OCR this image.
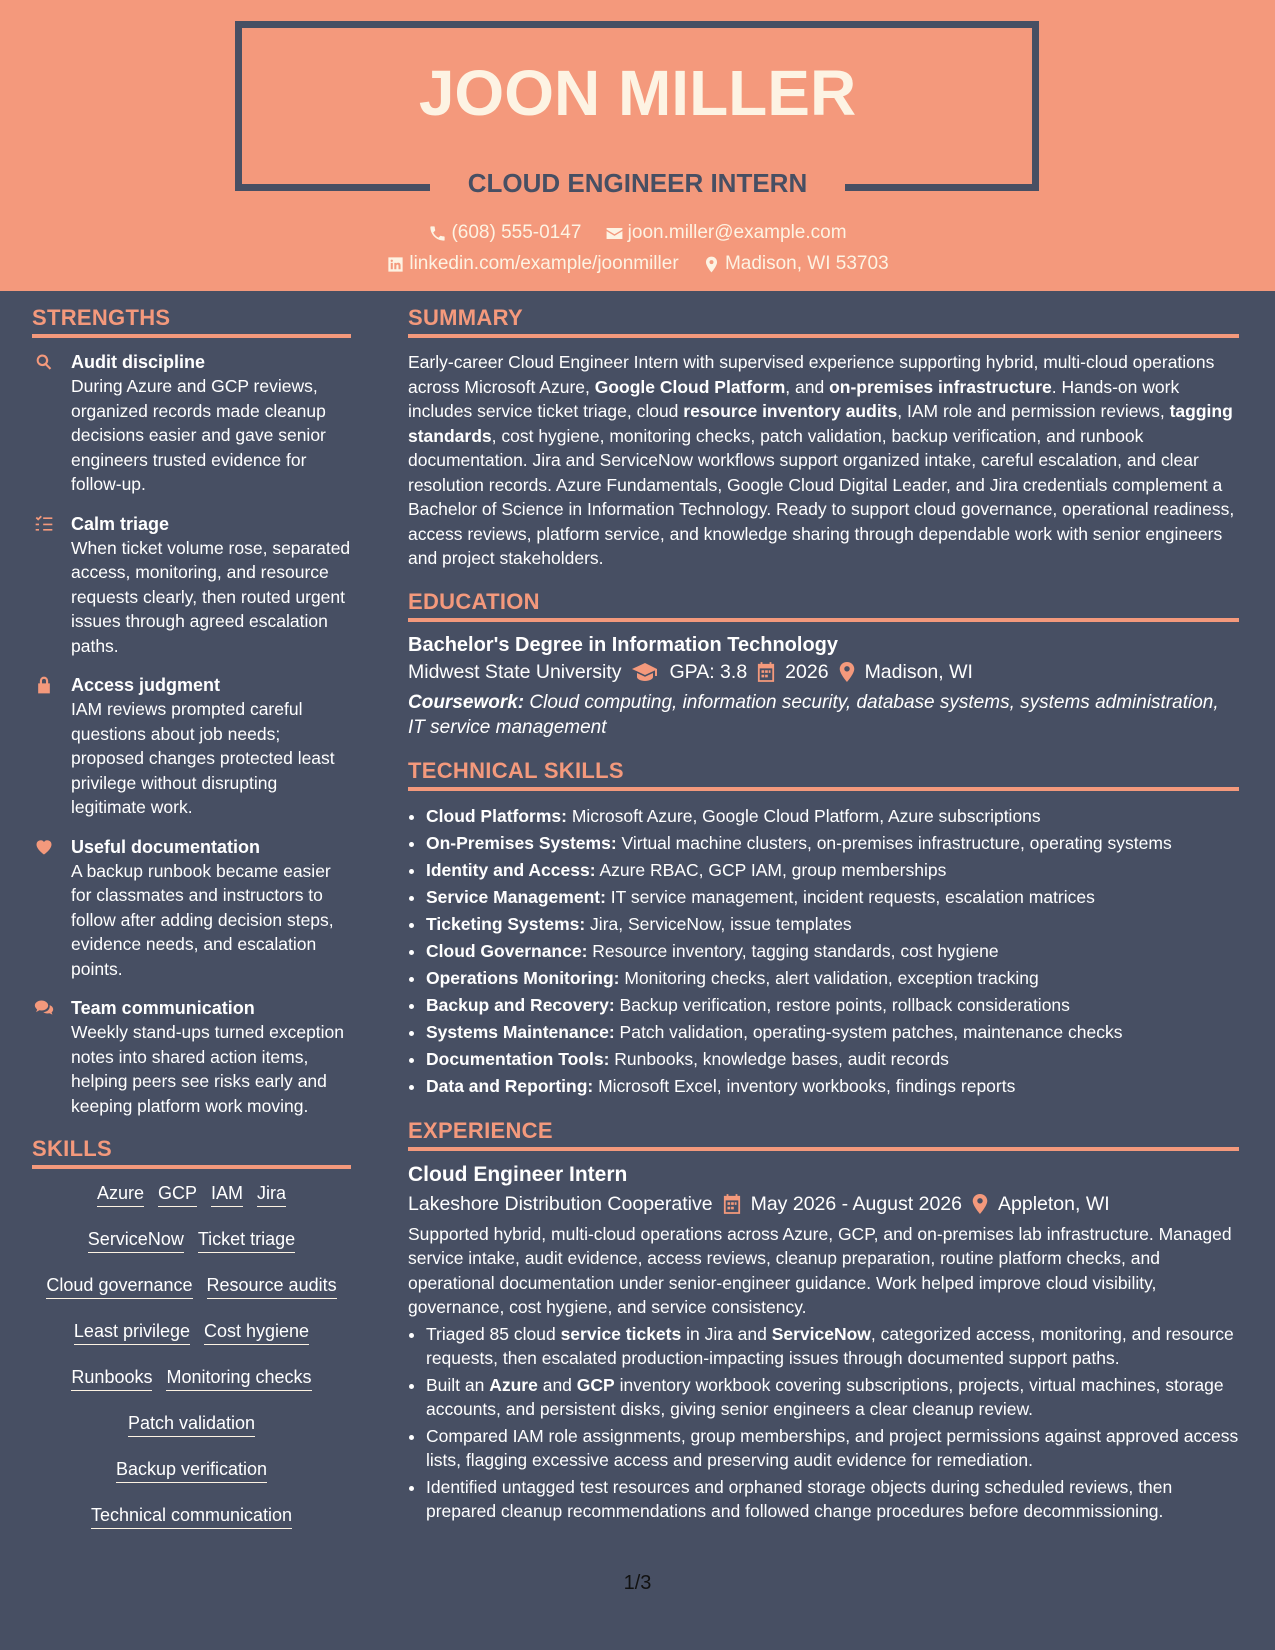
JOON MILLER
CLOUD ENGINEER INTERN
(608) 555-0147
joon.miller@example.com
linkedin.com/example/joonmiller
Madison, WI 53703
STRENGTHS
Audit discipline
During Azure and GCP reviews, organized records made cleanup decisions easier and gave senior engineers trusted evidence for follow-up.
Calm triage
When ticket volume rose, separated access, monitoring, and resource requests clearly, then routed urgent issues through agreed escalation paths.
Access judgment
IAM reviews prompted careful questions about job needs; proposed changes protected least privilege without disrupting legitimate work.
Useful documentation
A backup runbook became easier for classmates and instructors to follow after adding decision steps, evidence needs, and escalation points.
Team communication
Weekly stand-ups turned exception notes into shared action items, helping peers see risks early and keeping platform work moving.
SKILLS
Azure GCP IAM Jira
ServiceNow Ticket triage
Cloud governance Resource audits
Least privilege Cost hygiene
Runbooks Monitoring checks
Patch validation
Backup verification
Technical communication
SUMMARY
Early-career Cloud Engineer Intern with supervised experience supporting hybrid, multi-cloud operations across Microsoft Azure, Google Cloud Platform, and on-premises infrastructure. Hands-on work includes service ticket triage, cloud resource inventory audits, IAM role and permission reviews, tagging standards, cost hygiene, monitoring checks, patch validation, backup verification, and runbook documentation. Jira and ServiceNow workflows support organized intake, careful escalation, and clear resolution records. Azure Fundamentals, Google Cloud Digital Leader, and Jira credentials complement a Bachelor of Science in Information Technology. Ready to support cloud governance, operational readiness, access reviews, platform service, and knowledge sharing through dependable work with senior engineers and project stakeholders.
EDUCATION
Bachelor's Degree in Information Technology
Midwest State University GPA: 3.8 2026 Madison, WI
Coursework: Cloud computing, information security, database systems, systems administration, IT service management
TECHNICAL SKILLS
• Cloud Platforms: Microsoft Azure, Google Cloud Platform, Azure subscriptions
• On-Premises Systems: Virtual machine clusters, on-premises infrastructure, operating systems
• Identity and Access: Azure RBAC, GCP IAM, group memberships
• Service Management: IT service management, incident requests, escalation matrices
• Ticketing Systems: Jira, ServiceNow, issue templates
• Cloud Governance: Resource inventory, tagging standards, cost hygiene
• Operations Monitoring: Monitoring checks, alert validation, exception tracking
• Backup and Recovery: Backup verification, restore points, rollback considerations
• Systems Maintenance: Patch validation, operating-system patches, maintenance checks
• Documentation Tools: Runbooks, knowledge bases, audit records
• Data and Reporting: Microsoft Excel, inventory workbooks, findings reports
EXPERIENCE
Cloud Engineer Intern
Lakeshore Distribution Cooperative May 2026 - August 2026 Appleton, WI
Supported hybrid, multi-cloud operations across Azure, GCP, and on-premises lab infrastructure. Managed service intake, audit evidence, access reviews, cleanup preparation, routine platform checks, and operational documentation under senior-engineer guidance. Work helped improve cloud visibility, governance, cost hygiene, and service consistency.
• Triaged 85 cloud service tickets in Jira and ServiceNow, categorized access, monitoring, and resource requests, then escalated production-impacting issues through documented support paths.
• Built an Azure and GCP inventory workbook covering subscriptions, projects, virtual machines, storage accounts, and persistent disks, giving senior engineers a clear cleanup review.
• Compared IAM role assignments, group memberships, and project permissions against approved access lists, flagging excessive access and preserving audit evidence for remediation.
• Identified untagged test resources and orphaned storage objects during scheduled reviews, then prepared cleanup recommendations and followed change procedures before decommissioning.
1/3
